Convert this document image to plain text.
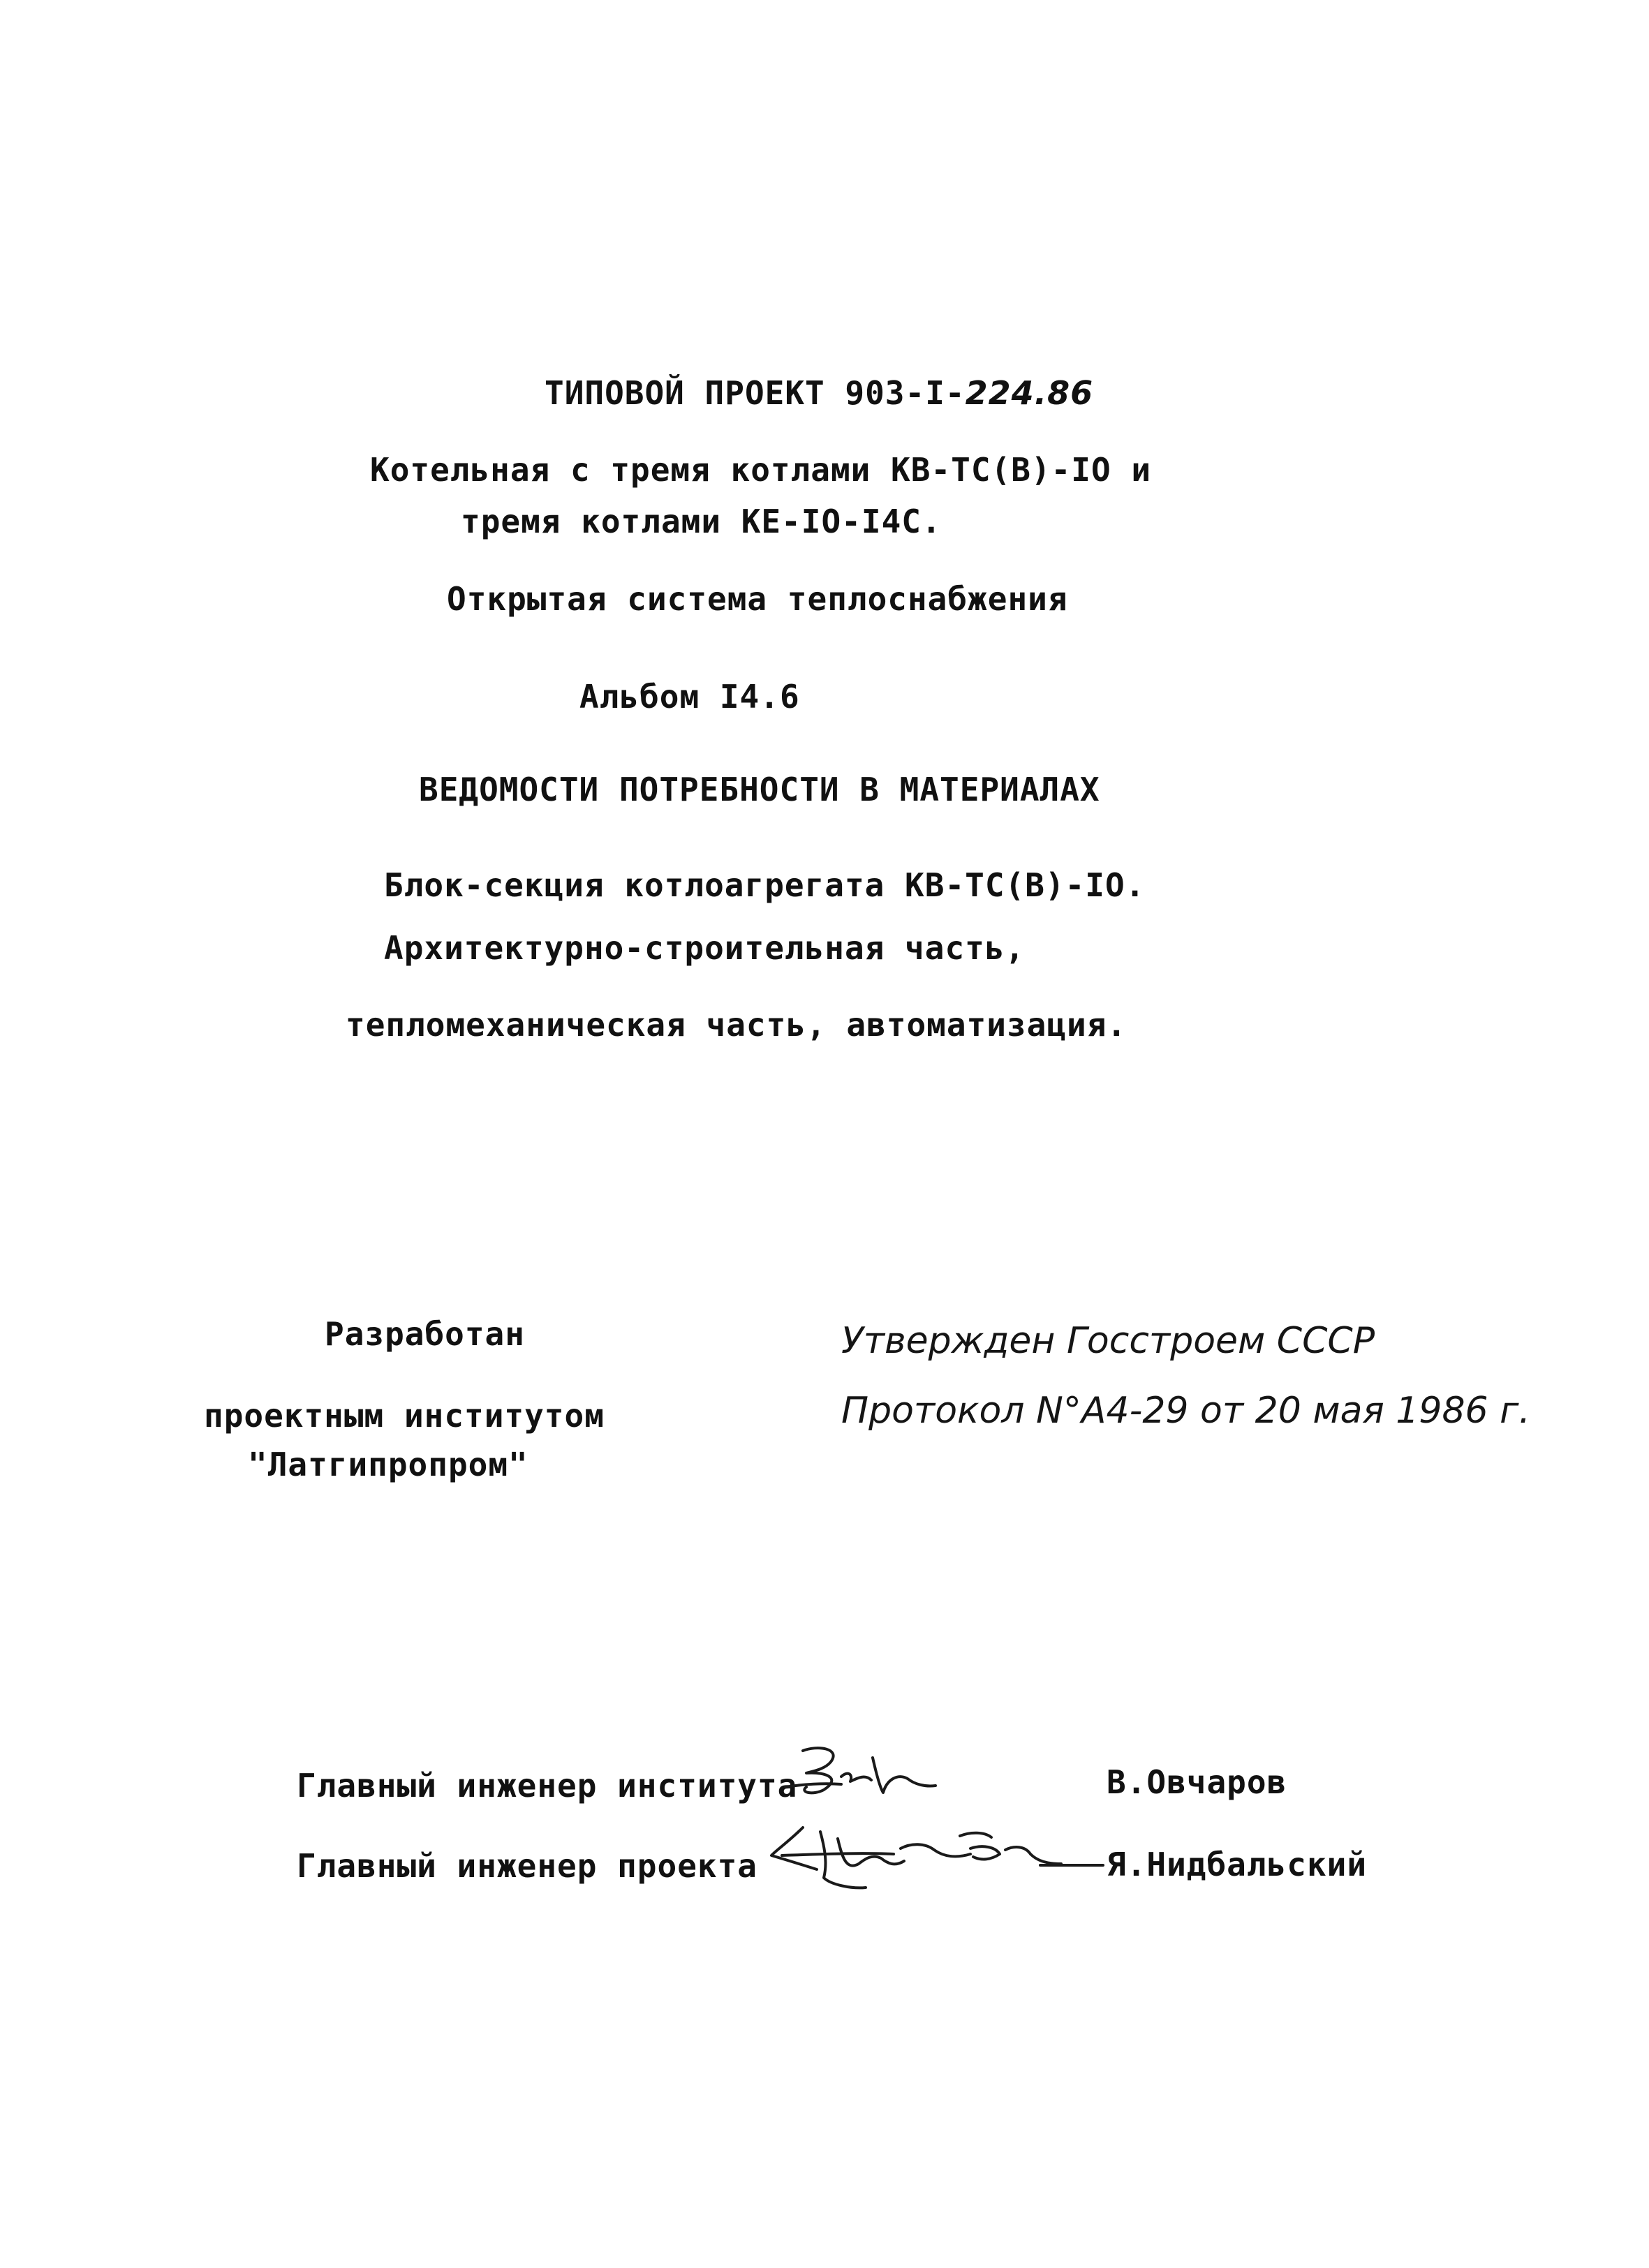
ТИПОВОЙ ПРОЕКТ 903-I-224.86
Котельная с тремя котлами КВ-ТС(В)-IO и
тремя котлами КЕ-IO-I4С.
Открытая система теплоснабжения
Альбом I4.6
ВЕДОМОСТИ ПОТРЕБНОСТИ В МАТЕРИАЛАХ
Блок-секция котлоагрегата КВ-ТС(В)-IO.
Архитектурно-строительная часть,
тепломеханическая часть, автоматизация.
Разработан
проектным институтом
"Латгипропром"
Утвержден Госстроем СССР
Протокол N°А4-29 от 20 мая 1986 г.
Главный инженер института	В.Овчаров
Главный инженер проекта	Я.Нидбальский
